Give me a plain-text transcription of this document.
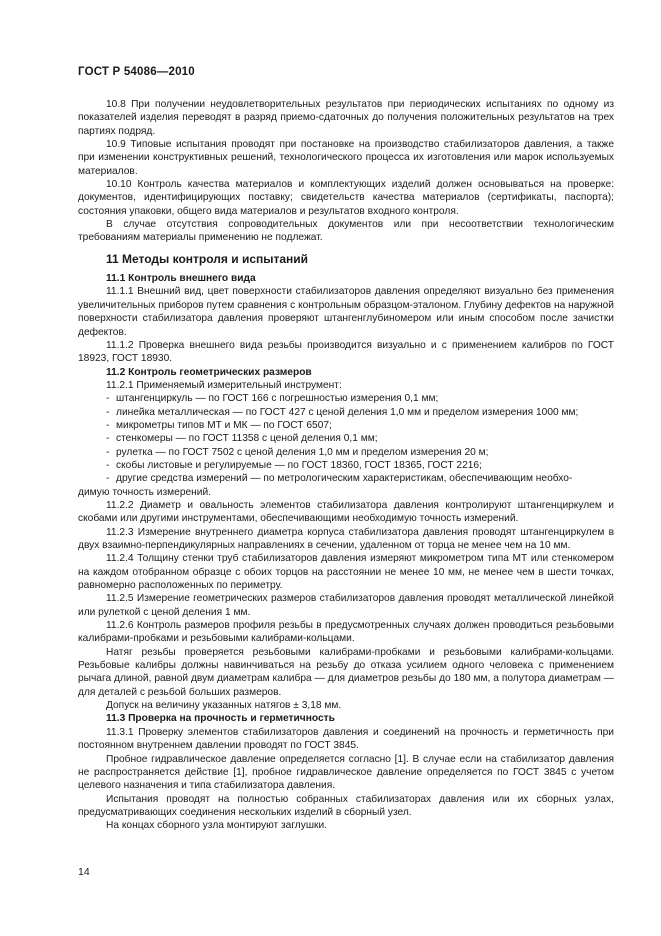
ГОСТ Р 54086—2010

10.8 При получении неудовлетворительных результатов при периодических испытаниях по одному из показателей изделия переводят в разряд приемо-сдаточных до получения положительных результатов на трех партиях подряд.

10.9 Типовые испытания проводят при постановке на производство стабилизаторов давления, а также при изменении конструктивных решений, технологического процесса их изготовления или марок используемых материалов.

10.10 Контроль качества материалов и комплектующих изделий должен основываться на проверке: документов, идентифицирующих поставку; свидетельств качества материалов (сертификаты, паспорта); состояния упаковки, общего вида материалов и результатов входного контроля.

В случае отсутствия сопроводительных документов или при несоответствии технологическим требованиям материалы применению не подлежат.

11 Методы контроля и испытаний
11.1 Контроль внешнего вида

11.1.1 Внешний вид, цвет поверхности стабилизаторов давления определяют визуально без применения увеличительных приборов путем сравнения с контрольным образцом-эталоном. Глубину дефектов на наружной поверхности стабилизатора давления проверяют штангенглубиномером или иным способом после зачистки дефектов.

11.1.2 Проверка внешнего вида резьбы производится визуально и с применением калибров по ГОСТ 18923, ГОСТ 18930.

11.2 Контроль геометрических размеров

11.2.1 Применяемый измерительный инструмент:

- штангенциркуль — по ГОСТ 166 с погрешностью измерения 0,1 мм;
- линейка металлическая — по ГОСТ 427 с ценой деления 1,0 мм и пределом измерения 1000 мм;
- микрометры типов МТ и МК — по ГОСТ 6507;
- стенкомеры — по ГОСТ 11358 с ценой деления 0,1 мм;
- рулетка — по ГОСТ 7502 с ценой деления 1,0 мм и пределом измерения 20 м;
- скобы листовые и регулируемые — по ГОСТ 18360, ГОСТ 18365, ГОСТ 2216;
- другие средства измерений — по метрологическим характеристикам, обеспечивающим необхо-

димую точность измерений.

11.2.2 Диаметр и овальность элементов стабилизатора давления контролируют штангенциркулем и скобами или другими инструментами, обеспечивающими необходимую точность измерений.

11.2.3 Измерение внутреннего диаметра корпуса стабилизатора давления проводят штангенциркулем в двух взаимно-перпендикулярных направлениях в сечении, удаленном от торца не менее чем на 10 мм.

11.2.4 Толщину стенки труб стабилизаторов давления измеряют микрометром типа МТ или стенкомером на каждом отобранном образце с обоих торцов на расстоянии не менее 10 мм, не менее чем в шести точках, равномерно расположенных по периметру.

11.2.5 Измерение геометрических размеров стабилизаторов давления проводят металлической линейкой или рулеткой с ценой деления 1 мм.

11.2.6 Контроль размеров профиля резьбы в предусмотренных случаях должен проводиться резьбовыми калибрами-пробками и резьбовыми калибрами-кольцами.

Натяг резьбы проверяется резьбовыми калибрами-пробками и резьбовыми калибрами-кольцами. Резьбовые калибры должны навинчиваться на резьбу до отказа усилием одного человека с применением рычага длиной, равной двум диаметрам калибра — для диаметров резьбы до 180 мм, а полутора диаметрам — для деталей с резьбой больших размеров.

Допуск на величину указанных натягов ± 3,18 мм.

11.3 Проверка на прочность и герметичность

11.3.1 Проверку элементов стабилизаторов давления и соединений на прочность и герметичность при постоянном внутреннем давлении проводят по ГОСТ 3845.

Пробное гидравлическое давление определяется согласно [1]. В случае если на стабилизатор давления не распространяется действие [1], пробное гидравлическое давление определяется по ГОСТ 3845 с учетом целевого назначения и типа стабилизатора давления.

Испытания проводят на полностью собранных стабилизаторах давления или их сборных узлах, предусматривающих соединения нескольких изделий в сборный узел.

На концах сборного узла монтируют заглушки.

14
